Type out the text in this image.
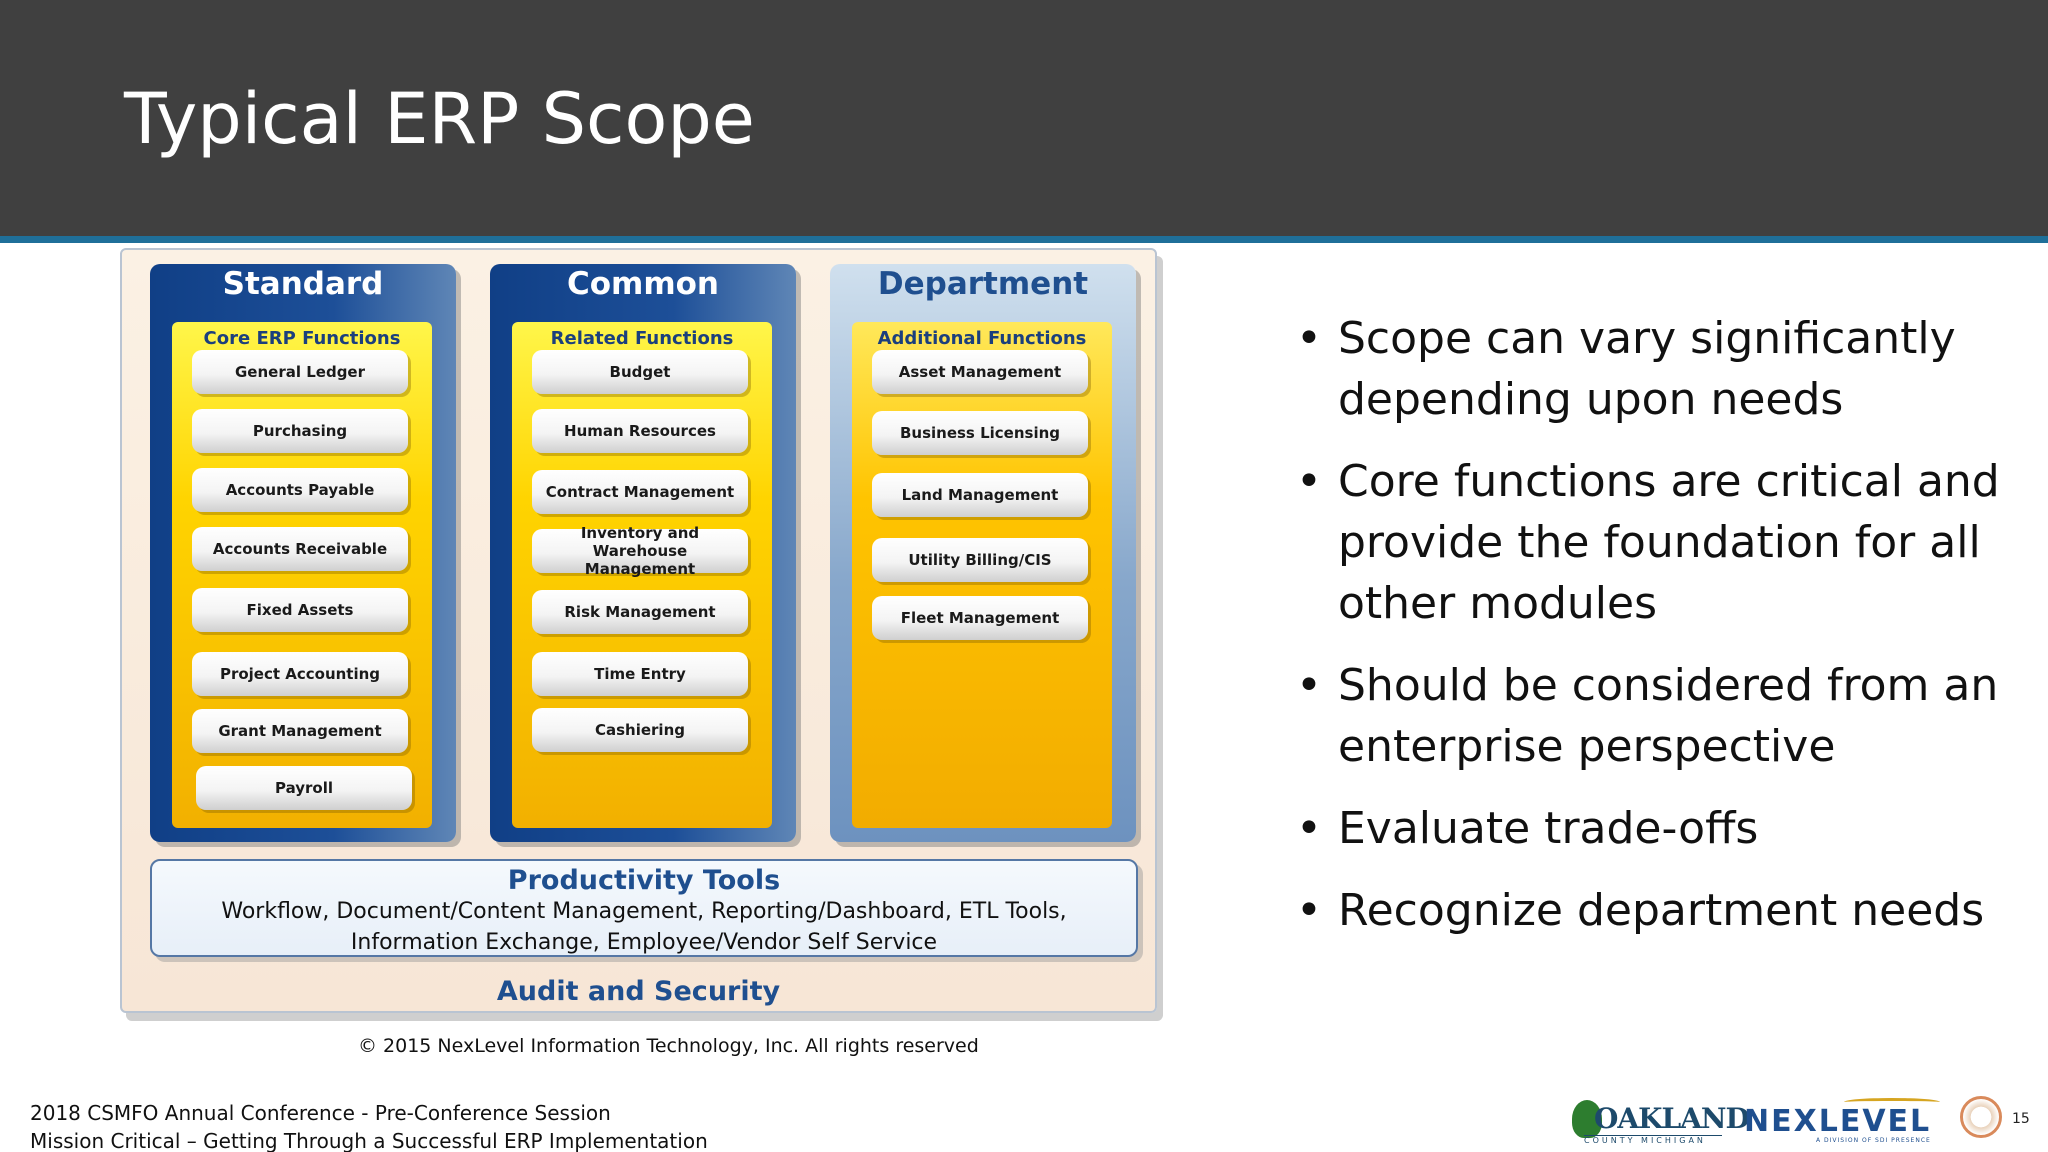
Typical ERP Scope
Standard
Core ERP Functions
General Ledger
Purchasing
Accounts Payable
Accounts Receivable
Fixed Assets
Project Accounting
Grant Management
Payroll
Common
Related Functions
Budget
Human Resources
Contract Management
Inventory and Warehouse Management
Risk Management
Time Entry
Cashiering
Department
Additional Functions
Asset Management
Business Licensing
Land Management
Utility Billing/CIS
Fleet Management
Productivity Tools
Workflow, Document/Content Management, Reporting/Dashboard, ETL Tools,
Information Exchange, Employee/Vendor Self Service
Audit and Security
© 2015 NexLevel Information Technology, Inc. All rights reserved
• Scope can vary significantly depending upon needs
• Core functions are critical and provide the foundation for all other modules
• Should be considered from an enterprise perspective
• Evaluate trade-offs
• Recognize department needs
2018 CSMFO Annual Conference - Pre-Conference Session
Mission Critical – Getting Through a Successful ERP Implementation
OAKLAND
COUNTY MICHIGAN
NEXLEVEL
A DIVISION OF SDI PRESENCE
15
